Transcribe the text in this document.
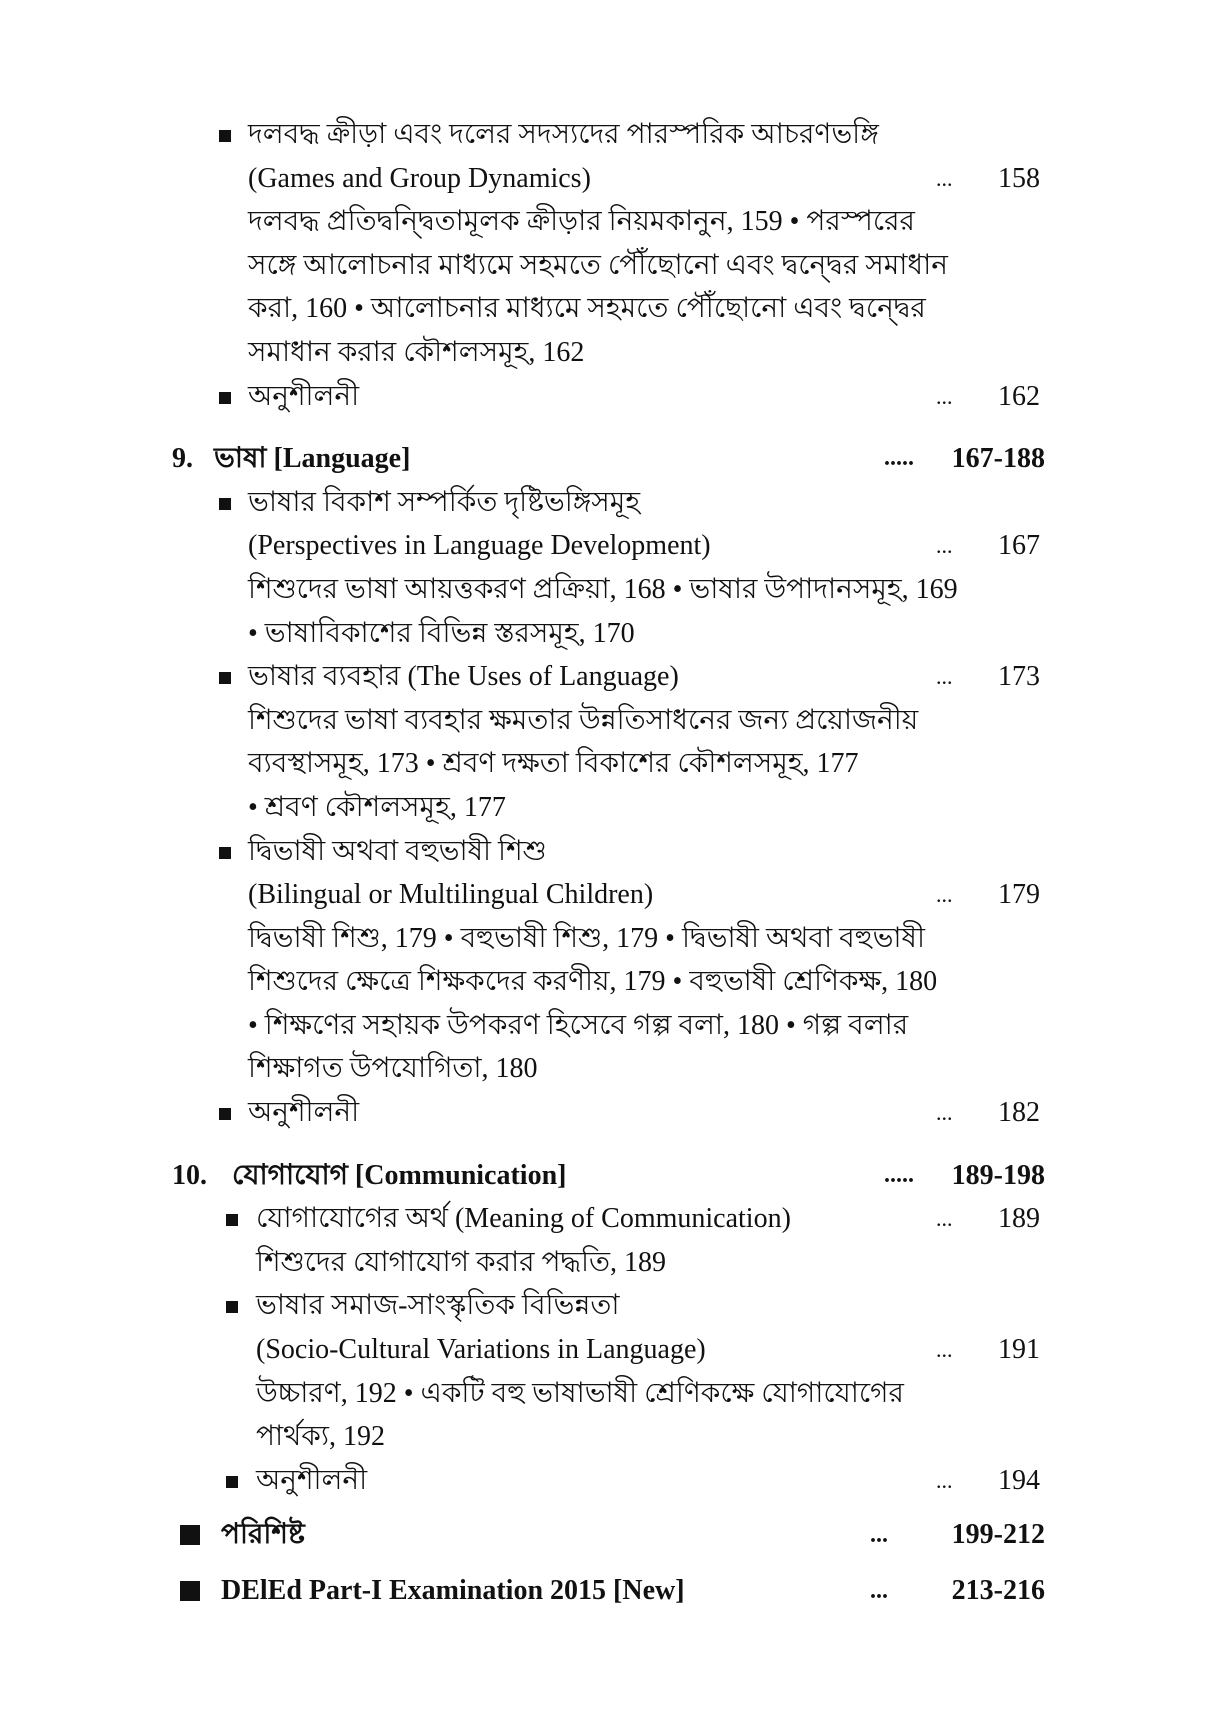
দলবদ্ধ ক্রীড়া এবং দলের সদস্যদের পারস্পরিক আচরণভঙ্গি
(Games and Group Dynamics)	... 158
দলবদ্ধ প্রতিদ্বন্দ্বিতামূলক ক্রীড়ার নিয়মকানুন, 159 • পরস্পরের
সঙ্গে আলোচনার মাধ্যমে সহমতে পৌঁছোনো এবং দ্বন্দ্বের সমাধান
করা, 160 • আলোচনার মাধ্যমে সহমতে পৌঁছোনো এবং দ্বন্দ্বের
সমাধান করার কৌশলসমূহ, 162
অনুশীলনী	... 162
9. ভাষা [Language]	..... 167-188
ভাষার বিকাশ সম্পর্কিত দৃষ্টিভঙ্গিসমূহ
(Perspectives in Language Development)	... 167
শিশুদের ভাষা আয়ত্তকরণ প্রক্রিয়া, 168 • ভাষার উপাদানসমূহ, 169
• ভাষাবিকাশের বিভিন্ন স্তরসমূহ, 170
ভাষার ব্যবহার (The Uses of Language)	... 173
শিশুদের ভাষা ব্যবহার ক্ষমতার উন্নতিসাধনের জন্য প্রয়োজনীয়
ব্যবস্থাসমূহ, 173 • শ্রবণ দক্ষতা বিকাশের কৌশলসমূহ, 177
• শ্রবণ কৌশলসমূহ, 177
দ্বিভাষী অথবা বহুভাষী শিশু
(Bilingual or Multilingual Children)	... 179
দ্বিভাষী শিশু, 179 • বহুভাষী শিশু, 179 • দ্বিভাষী অথবা বহুভাষী
শিশুদের ক্ষেত্রে শিক্ষকদের করণীয়, 179 • বহুভাষী শ্রেণিকক্ষ, 180
• শিক্ষণের সহায়ক উপকরণ হিসেবে গল্প বলা, 180 • গল্প বলার
শিক্ষাগত উপযোগিতা, 180
অনুশীলনী	... 182
10. যোগাযোগ [Communication]	..... 189-198
যোগাযোগের অর্থ (Meaning of Communication)	... 189
শিশুদের যোগাযোগ করার পদ্ধতি, 189
ভাষার সমাজ-সাংস্কৃতিক বিভিন্নতা
(Socio-Cultural Variations in Language)	... 191
উচ্চারণ, 192 • একটি বহু ভাষাভাষী শ্রেণিকক্ষে যোগাযোগের
পার্থক্য, 192
অনুশীলনী	... 194
পরিশিষ্ট	... 199-212
DElEd Part-I Examination 2015 [New]	... 213-216
